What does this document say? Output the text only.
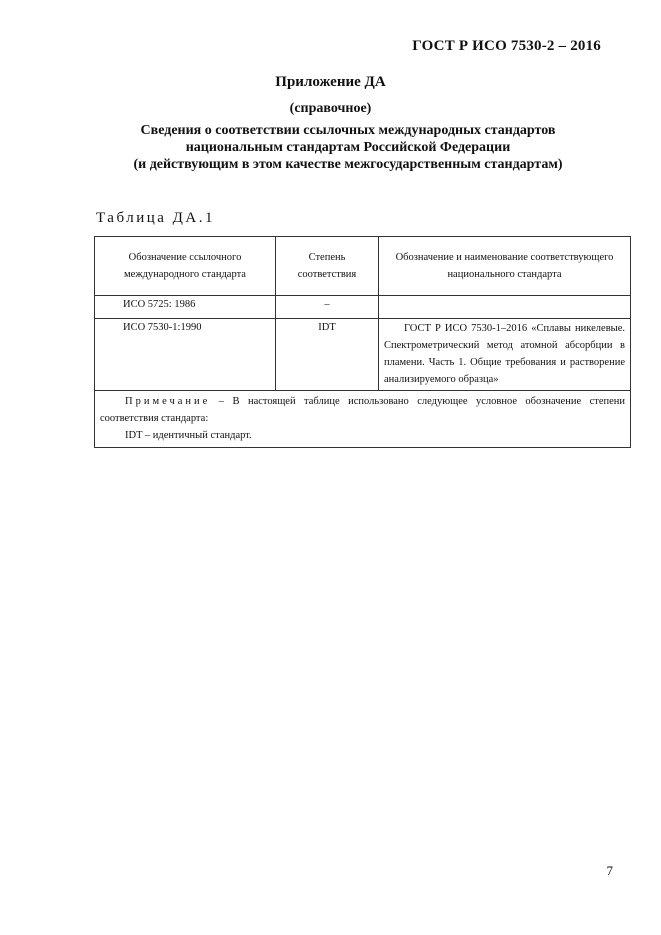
ГОСТ Р ИСО 7530-2 – 2016
Приложение ДА
(справочное)
Сведения о соответствии ссылочных международных стандартов
национальным стандартам Российской Федерации
(и действующим в этом качестве межгосударственным стандартам)
Таблица ДА.1
Обозначение ссылочного международного стандарта	Степень соответствия	Обозначение и наименование соответствующего национального стандарта
ИСО 5725: 1986	–	
ИСО 7530-1:1990	IDT	ГОСТ Р ИСО 7530-1–2016 «Сплавы никелевые. Спектрометрический метод атомной абсорбции в пламени. Часть 1. Общие требования и растворение анализируемого образца»

Примечание – В настоящей таблице использовано следующее условное обозначение степени соответствия стандарта:
IDT – идентичный стандарт.		
7
